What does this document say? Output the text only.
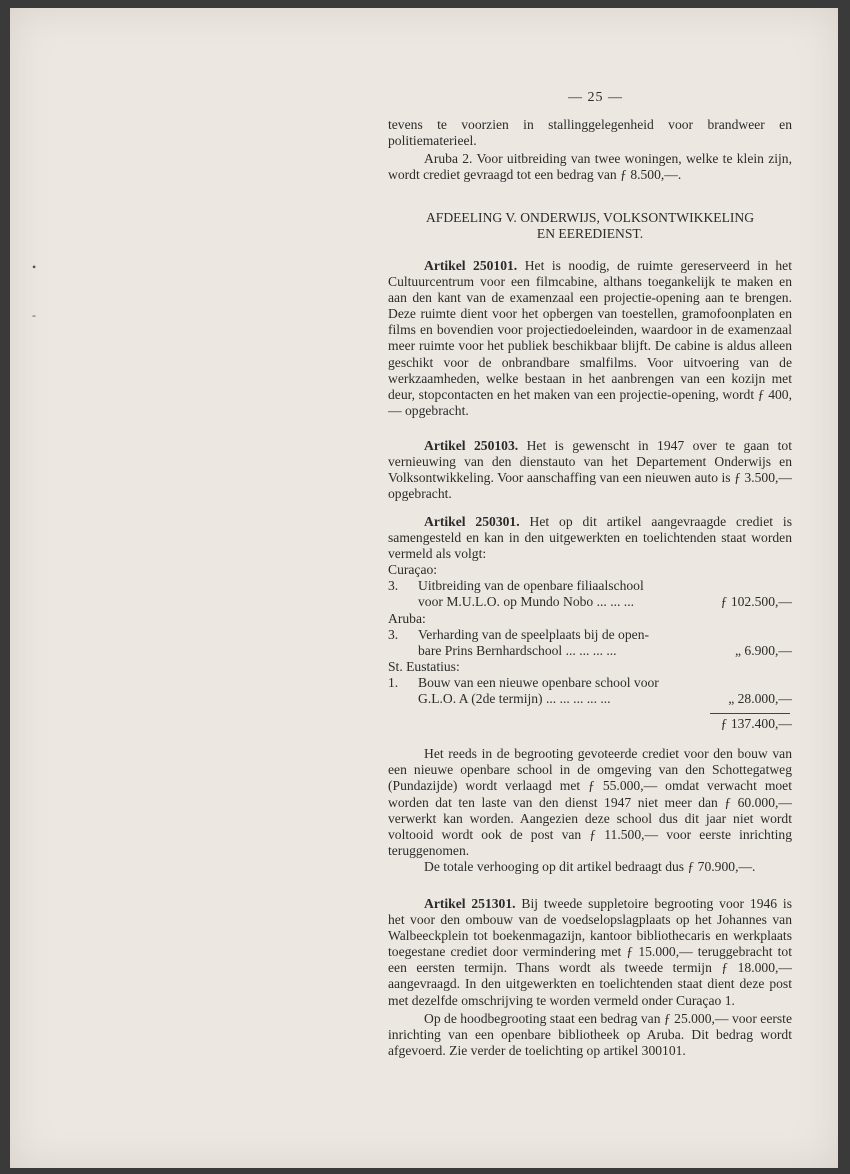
•
-
— 25 —

tevens te voorzien in stallinggelegenheid voor brandweer en politiematerieel.

Aruba 2. Voor uitbreiding van twee woningen, welke te klein zijn, wordt crediet gevraagd tot een bedrag van ƒ 8.500,—.

AFDEELING V. ONDERWIJS, VOLKSONTWIKKELING

EN EEREDIENST.

Artikel 250101. Het is noodig, de ruimte gereserveerd in het Cultuurcentrum voor een filmcabine, althans toegankelijk te maken en aan den kant van de examenzaal een projectie-opening aan te brengen. Deze ruimte dient voor het opbergen van toestellen, gramofoonplaten en films en bovendien voor projectiedoeleinden, waardoor in de examenzaal meer ruimte voor het publiek beschikbaar blijft. De cabine is aldus alleen geschikt voor de onbrandbare smalfilms. Voor uitvoering van de werkzaamheden, welke bestaan in het aanbrengen van een kozijn met deur, stopcontacten en het maken van een projectie-opening, wordt ƒ 400,— opgebracht.

Artikel 250103. Het is gewenscht in 1947 over te gaan tot vernieuwing van den dienstauto van het Departement Onderwijs en Volksontwikkeling. Voor aanschaffing van een nieuwen auto is ƒ 3.500,— opgebracht.

Artikel 250301. Het op dit artikel aangevraagde crediet is samengesteld en kan in den uitgewerkten en toelichtenden staat worden vermeld als volgt:

Curaçao:

3.	Uitbreiding van de openbare filiaalschool
voor M.U.L.O. op Mundo Nobo ... ... ...	ƒ 102.500,—

Aruba:

3.	Verharding van de speelplaats bij de open-
bare Prins Bernhardschool ... ... ... ...	„ 6.900,—

St. Eustatius:

1.	Bouw van een nieuwe openbare school voor
G.L.O. A (2de termijn) ... ... ... ... ...	„ 28.000,—

ƒ 137.400,—

Het reeds in de begrooting gevoteerde crediet voor den bouw van een nieuwe openbare school in de omgeving van den Schottegatweg (Pundazijde) wordt verlaagd met ƒ 55.000,— omdat verwacht moet worden dat ten laste van den dienst 1947 niet meer dan ƒ 60.000,— verwerkt kan worden. Aangezien deze school dus dit jaar niet wordt voltooid wordt ook de post van ƒ 11.500,— voor eerste inrichting teruggenomen.

De totale verhooging op dit artikel bedraagt dus ƒ 70.900,—.

Artikel 251301. Bij tweede suppletoire begrooting voor 1946 is het voor den ombouw van de voedselopslagplaats op het Johannes van Walbeeckplein tot boekenmagazijn, kantoor bibliothecaris en werkplaats toegestane crediet door vermindering met ƒ 15.000,— teruggebracht tot een eersten termijn. Thans wordt als tweede termijn ƒ 18.000,— aangevraagd. In den uitgewerkten en toelichtenden staat dient deze post met dezelfde omschrijving te worden vermeld onder Curaçao 1.

Op de hoodbegrooting staat een bedrag van ƒ 25.000,— voor eerste inrichting van een openbare bibliotheek op Aruba. Dit bedrag wordt afgevoerd. Zie verder de toelichting op artikel 300101.
